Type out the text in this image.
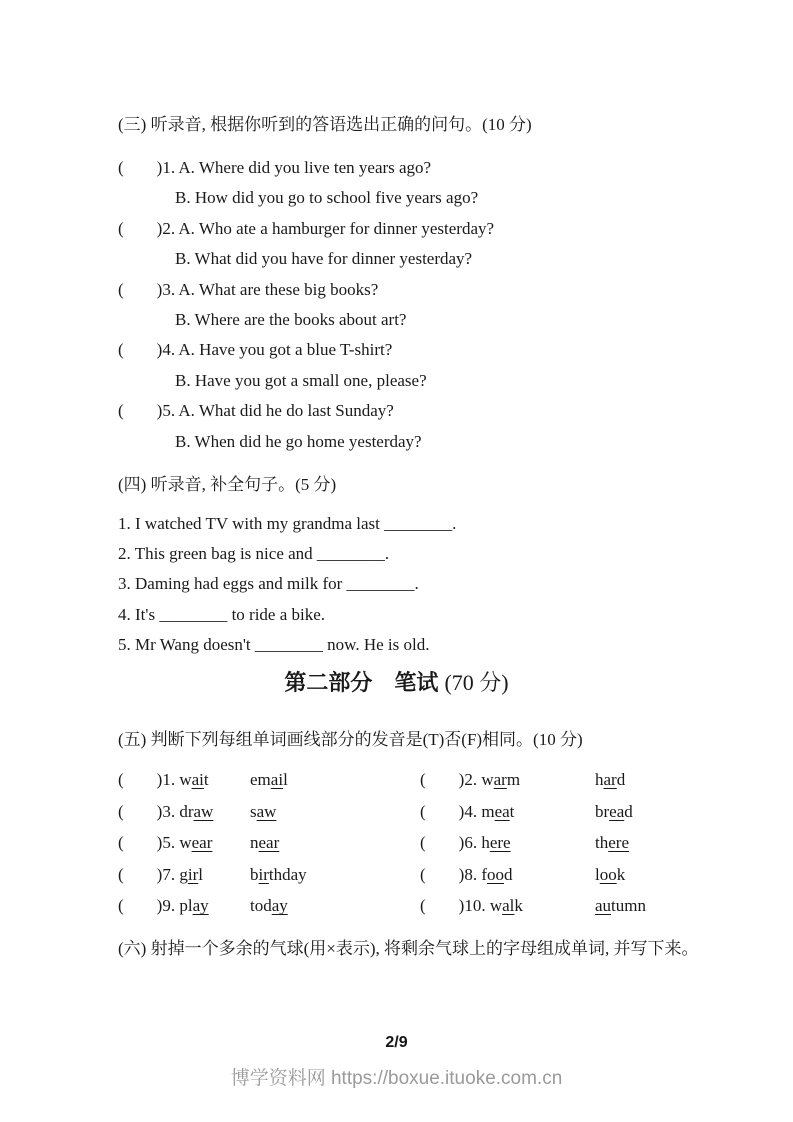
(三) 听录音, 根据你听到的答语选出正确的问句。(10 分)
( )1. A. Where did you live ten years ago?
B. How did you go to school five years ago?
( )2. A. Who ate a hamburger for dinner yesterday?
B. What did you have for dinner yesterday?
( )3. A. What are these big books?
B. Where are the books about art?
( )4. A. Have you got a blue T-shirt?
B. Have you got a small one, please?
( )5. A. What did he do last Sunday?
B. When did he go home yesterday?
(四) 听录音, 补全句子。(5 分)
1. I watched TV with my grandma last ________.
2. This green bag is nice and ________.
3. Daming had eggs and milk for ________.
4. It's ________ to ride a bike.
5. Mr Wang doesn't ________ now. He is old.
第二部分 笔试 (70 分)
(五) 判断下列每组单词画线部分的发音是(T)否(F)相同。(10 分)
( )1. wait email	( )2. warm	hard
( )3. draw saw	( )4. meat	bread
( )5. wear near	( )6. here	there
( )7. girl	birthday	( )8. food	look
( )9. play today	( )10. walk	autumn
(六) 射掉一个多余的气球(用×表示), 将剩余气球上的字母组成单词, 并写下来。
2/9
博学资料网 https://boxue.ituoke.com.cn
